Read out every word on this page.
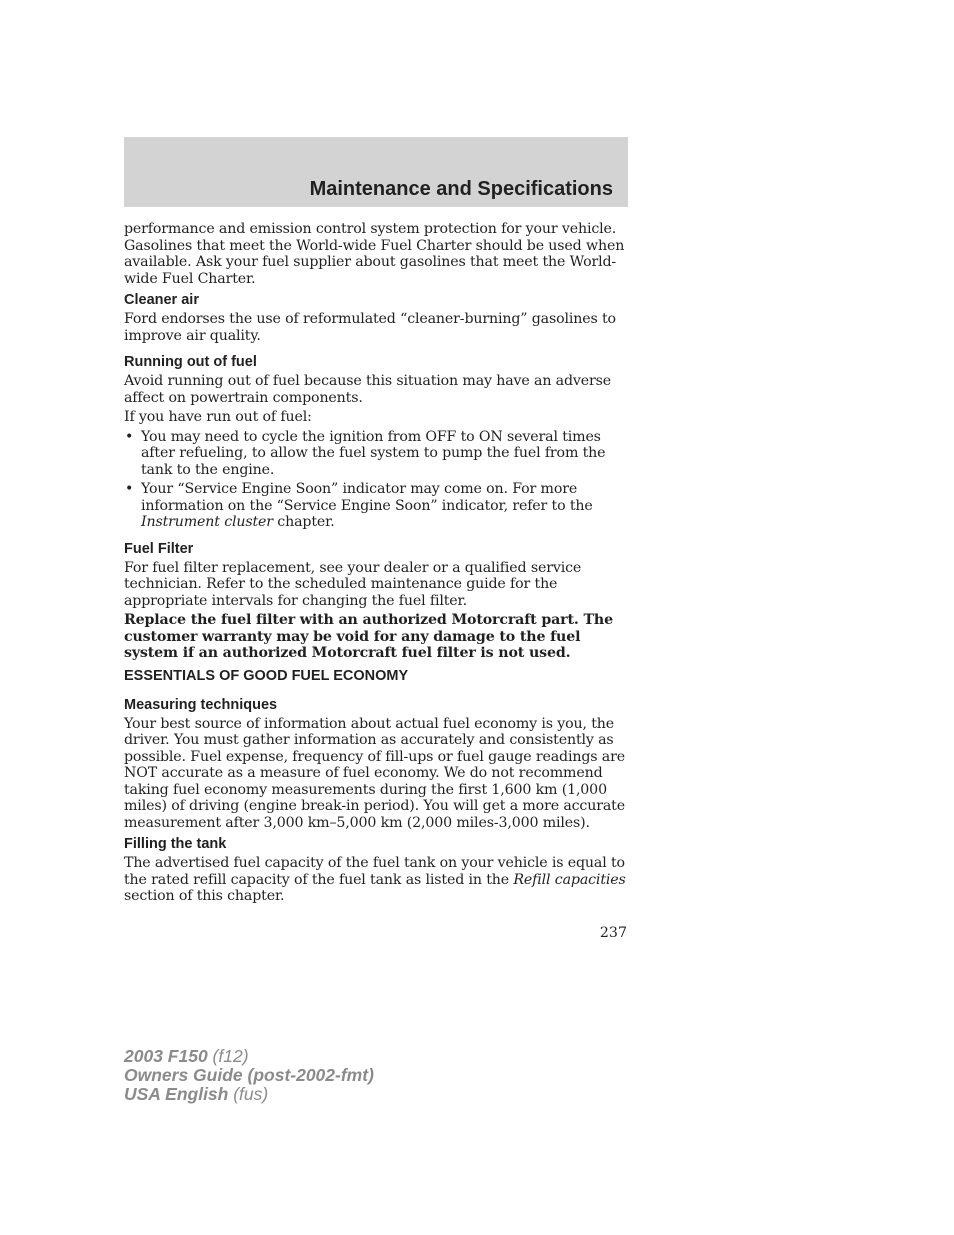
Maintenance and Specifications

performance and emission control system protection for your vehicle. Gasolines that meet the World-wide Fuel Charter should be used when available. Ask your fuel supplier about gasolines that meet the World-wide Fuel Charter.

Cleaner air

Ford endorses the use of reformulated “cleaner-burning” gasolines to improve air quality.

Running out of fuel

Avoid running out of fuel because this situation may have an adverse affect on powertrain components.

If you have run out of fuel:

• You may need to cycle the ignition from OFF to ON several times after refueling, to allow the fuel system to pump the fuel from the tank to the engine.
• Your “Service Engine Soon” indicator may come on. For more information on the “Service Engine Soon” indicator, refer to the Instrument cluster chapter.
Fuel Filter

For fuel filter replacement, see your dealer or a qualified service technician. Refer to the scheduled maintenance guide for the appropriate intervals for changing the fuel filter.

Replace the fuel filter with an authorized Motorcraft part. The customer warranty may be void for any damage to the fuel system if an authorized Motorcraft fuel filter is not used.

ESSENTIALS OF GOOD FUEL ECONOMY
Measuring techniques

Your best source of information about actual fuel economy is you, the driver. You must gather information as accurately and consistently as possible. Fuel expense, frequency of fill-ups or fuel gauge readings are NOT accurate as a measure of fuel economy. We do not recommend taking fuel economy measurements during the first 1,600 km (1,000 miles) of driving (engine break-in period). You will get a more accurate measurement after 3,000 km–5,000 km (2,000 miles-3,000 miles).

Filling the tank

The advertised fuel capacity of the fuel tank on your vehicle is equal to the rated refill capacity of the fuel tank as listed in the Refill capacities section of this chapter.

237
2003 F150 (f12)
Owners Guide (post-2002-fmt)
USA English (fus)
